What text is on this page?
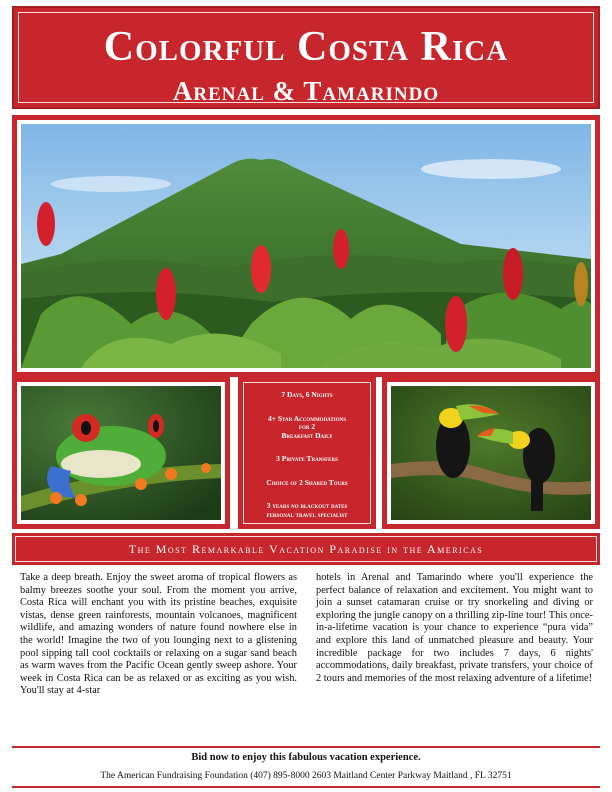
Colorful Costa Rica
Arenal & Tamarindo
7 Days, 6 Nights
4+ Star Accommodations
for 2
Breakfast Daily
3 Private Transfers
Choice of 2 Shared Tours
3 years no blackout dates
personal travel specialist
The Most Remarkable Vacation Paradise in the Americas
Take a deep breath. Enjoy the sweet aroma of tropical flowers as balmy breezes soothe your soul. From the moment you arrive, Costa Rica will enchant you with its pristine beaches, exquisite vistas, dense green rainforests, mountain volcanoes, magnificent wildlife, and amazing wonders of nature found nowhere else in the world! Imagine the two of you lounging next to a glistening pool sipping tall cool cocktails or relaxing on a sugar sand beach as warm waves from the Pacific Ocean gently sweep ashore. Your week in Costa Rica can be as relaxed or as exciting as you wish. You'll stay at 4-star
hotels in Arenal and Tamarindo where you'll experience the perfect balance of relaxation and excitement. You might want to join a sunset catamaran cruise or try snorkeling and diving or exploring the jungle canopy on a thrilling zip-line tour! This once-in-a-lifetime vacation is your chance to experience “pura vida” and explore this land of unmatched pleasure and beauty. Your incredible package for two includes 7 days, 6 nights' accommodations, daily breakfast, private transfers, your choice of 2 tours and memories of the most relaxing adventure of a lifetime!
Bid now to enjoy this fabulous vacation experience.
The American Fundraising Foundation (407) 895-8000 2603 Maitland Center Parkway Maitland , FL 32751
